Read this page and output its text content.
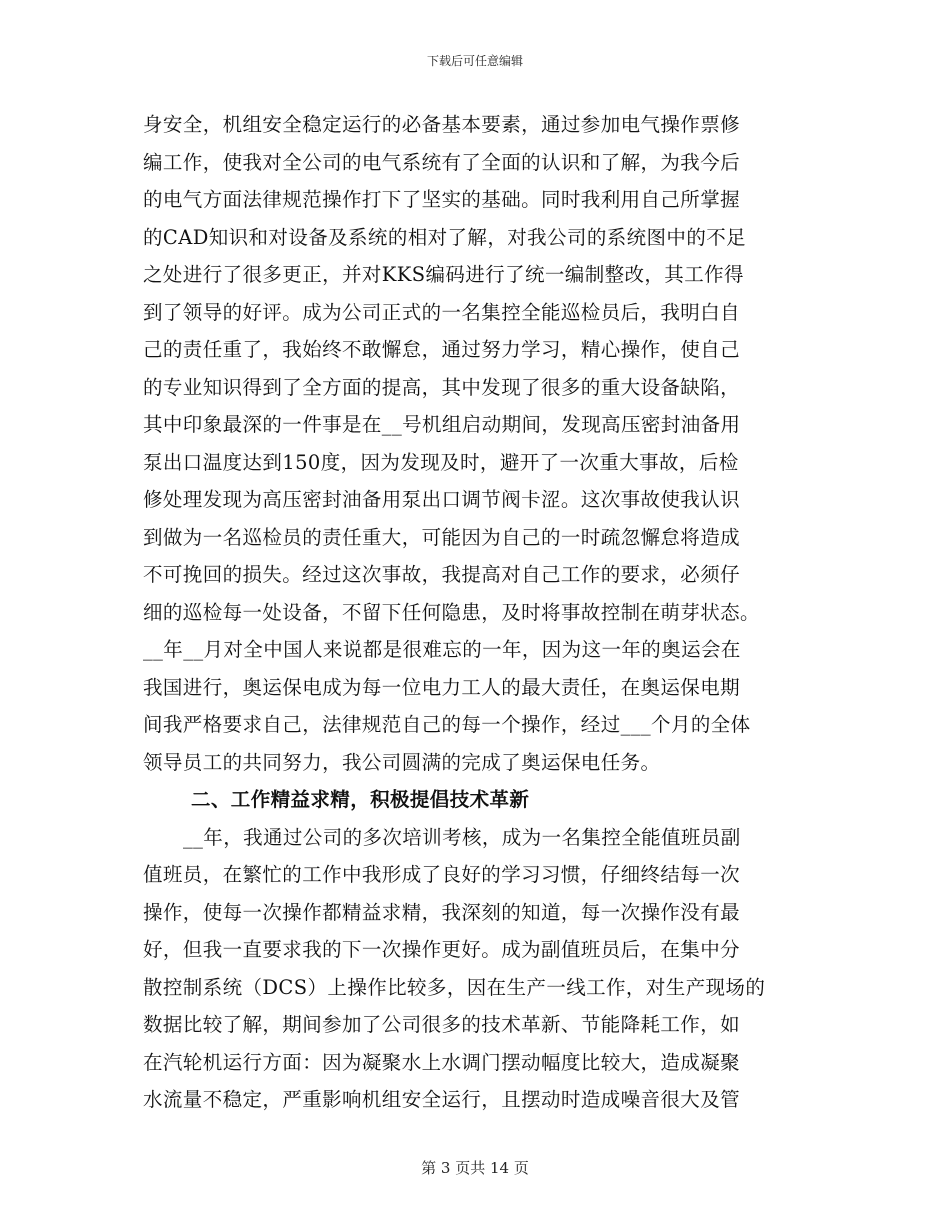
下载后可任意编辑
身安全，机组安全稳定运行的必备基本要素，通过参加电气操作票修
编工作，使我对全公司的电气系统有了全面的认识和了解，为我今后
的电气方面法律规范操作打下了坚实的基础。同时我利用自己所掌握
的CAD知识和对设备及系统的相对了解，对我公司的系统图中的不足
之处进行了很多更正，并对KKS编码进行了统一编制整改，其工作得
到了领导的好评。成为公司正式的一名集控全能巡检员后，我明白自
己的责任重了，我始终不敢懈怠，通过努力学习，精心操作，使自己
的专业知识得到了全方面的提高，其中发现了很多的重大设备缺陷，
其中印象最深的一件事是在__号机组启动期间，发现高压密封油备用
泵出口温度达到150度，因为发现及时，避开了一次重大事故，后检
修处理发现为高压密封油备用泵出口调节阀卡涩。这次事故使我认识
到做为一名巡检员的责任重大，可能因为自己的一时疏忽懈怠将造成
不可挽回的损失。经过这次事故，我提高对自己工作的要求，必须仔
细的巡检每一处设备，不留下任何隐患，及时将事故控制在萌芽状态。
__年__月对全中国人来说都是很难忘的一年，因为这一年的奥运会在
我国进行，奥运保电成为每一位电力工人的最大责任，在奥运保电期
间我严格要求自己，法律规范自己的每一个操作，经过___个月的全体
领导员工的共同努力，我公司圆满的完成了奥运保电任务。
二、工作精益求精，积极提倡技术革新
__年，我通过公司的多次培训考核，成为一名集控全能值班员副
值班员，在繁忙的工作中我形成了良好的学习习惯，仔细终结每一次
操作，使每一次操作都精益求精，我深刻的知道，每一次操作没有最
好，但我一直要求我的下一次操作更好。成为副值班员后，在集中分
散控制系统（DCS）上操作比较多，因在生产一线工作，对生产现场的
数据比较了解，期间参加了公司很多的技术革新、节能降耗工作，如
在汽轮机运行方面：因为凝聚水上水调门摆动幅度比较大，造成凝聚
水流量不稳定，严重影响机组安全运行，且摆动时造成噪音很大及管
第 3 页共 14 页
